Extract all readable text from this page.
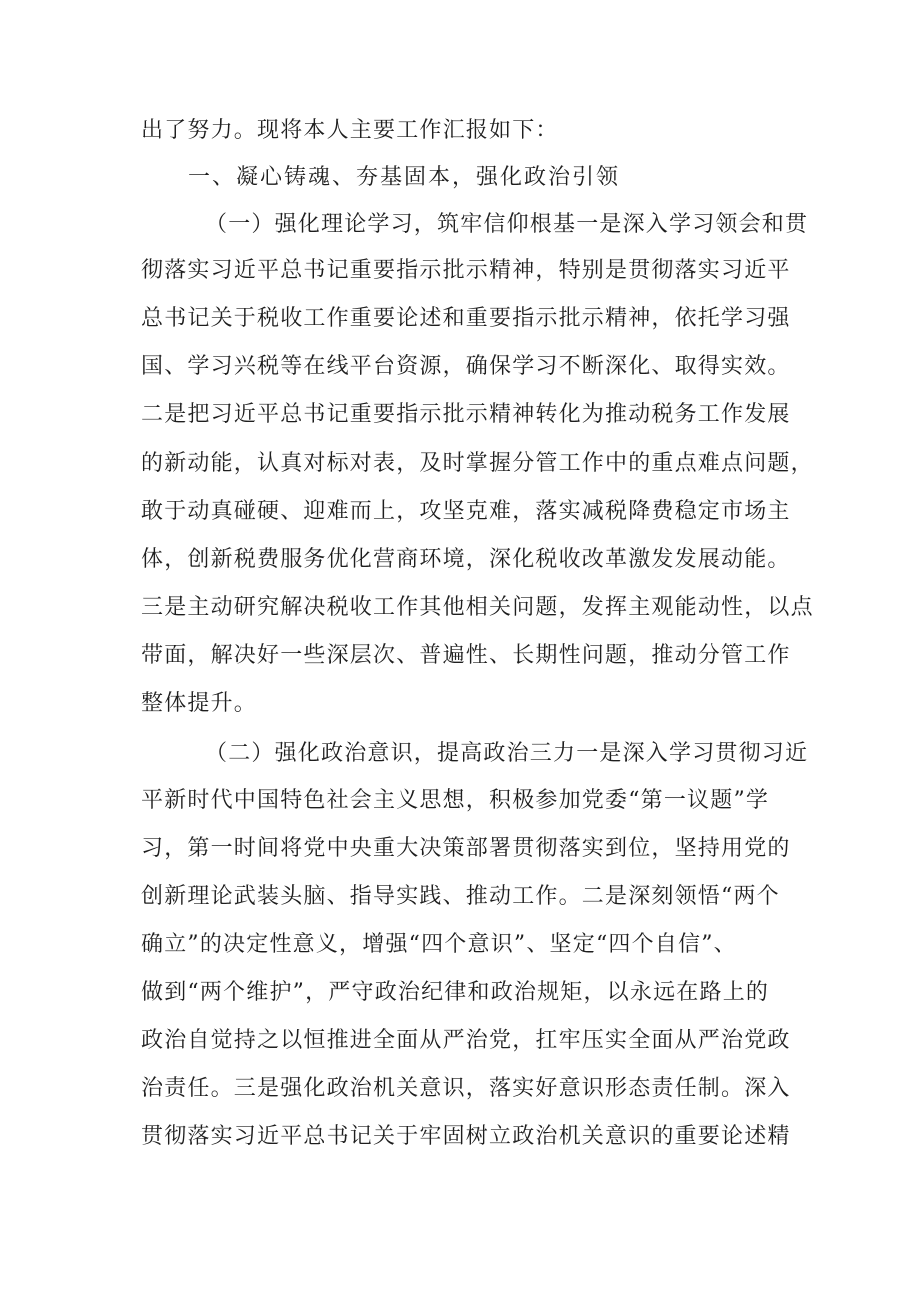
出了努力。现将本人主要工作汇报如下：
一、凝心铸魂、夯基固本，强化政治引领
（一）强化理论学习，筑牢信仰根基一是深入学习领会和贯
彻落实习近平总书记重要指示批示精神，特别是贯彻落实习近平
总书记关于税收工作重要论述和重要指示批示精神，依托学习强
国、学习兴税等在线平台资源，确保学习不断深化、取得实效。
二是把习近平总书记重要指示批示精神转化为推动税务工作发展
的新动能，认真对标对表，及时掌握分管工作中的重点难点问题，
敢于动真碰硬、迎难而上，攻坚克难，落实减税降费稳定市场主
体，创新税费服务优化营商环境，深化税收改革激发发展动能。
三是主动研究解决税收工作其他相关问题，发挥主观能动性，以点
带面，解决好一些深层次、普遍性、长期性问题，推动分管工作
整体提升。
（二）强化政治意识，提高政治三力一是深入学习贯彻习近
平新时代中国特色社会主义思想，积极参加党委“第一议题”学
习，第一时间将党中央重大决策部署贯彻落实到位，坚持用党的
创新理论武装头脑、指导实践、推动工作。二是深刻领悟“两个
确立”的决定性意义，增强“四个意识”、坚定“四个自信”、
做到“两个维护”，严守政治纪律和政治规矩，以永远在路上的
政治自觉持之以恒推进全面从严治党，扛牢压实全面从严治党政
治责任。三是强化政治机关意识，落实好意识形态责任制。深入
贯彻落实习近平总书记关于牢固树立政治机关意识的重要论述精
